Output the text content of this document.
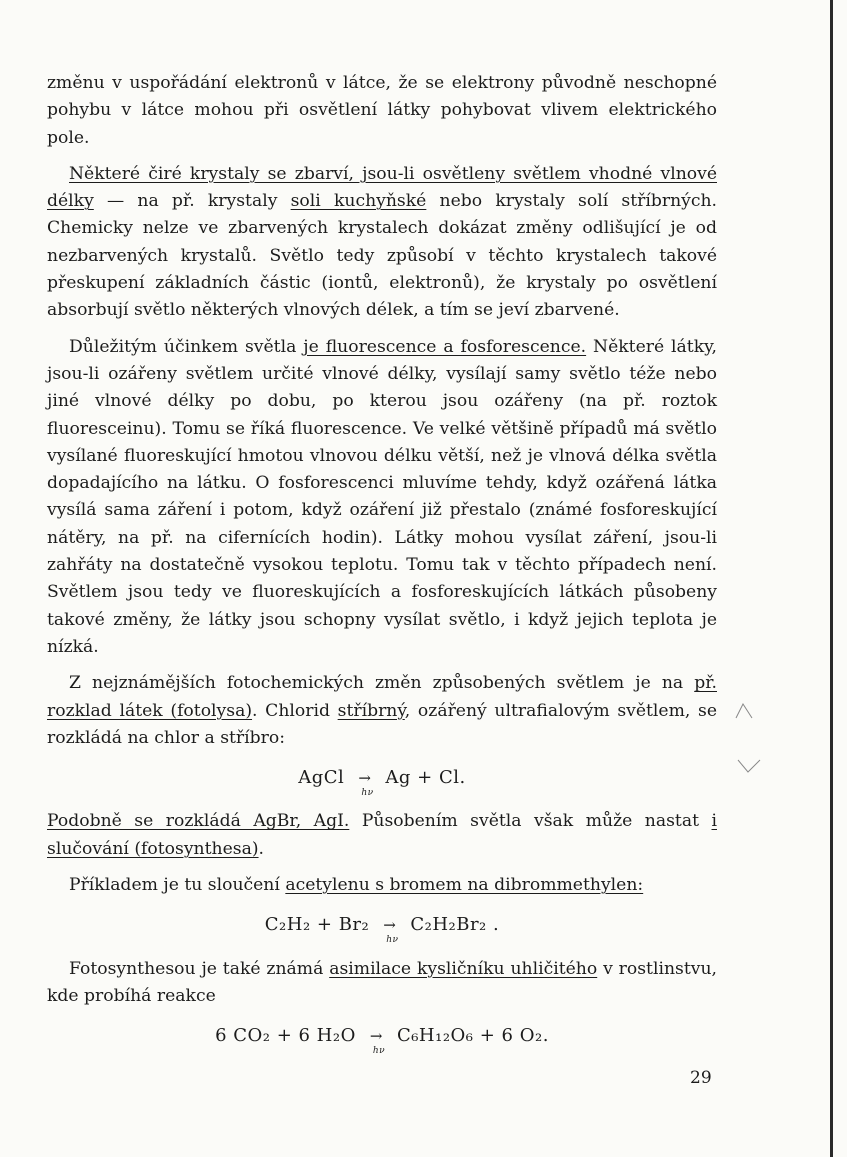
změnu v uspořádání elektronů v látce, že se elektrony původně neschopné pohybu v látce mohou při osvětlení látky pohybovat vlivem elektrického pole.

Některé čiré krystaly se zbarví, jsou-li osvětleny světlem vhodné vlnové délky — na př. krystaly soli kuchyňské nebo krystaly solí stříbrných. Chemicky nelze ve zbarvených krystalech dokázat změny odlišující je od nezbarvených krystalů. Světlo tedy způsobí v těchto krystalech takové přeskupení základních částic (iontů, elektronů), že krystaly po osvětlení absorbují světlo některých vlnových délek, a tím se jeví zbarvené.

Důležitým účinkem světla je fluorescence a fosforescence. Některé látky, jsou-li ozářeny světlem určité vlnové délky, vysílají samy světlo téže nebo jiné vlnové délky po dobu, po kterou jsou ozářeny (na př. roztok fluoresceinu). Tomu se říká fluorescence. Ve velké většině případů má světlo vysílané fluoreskující hmotou vlnovou délku větší, než je vlnová délka světla dopadajícího na látku. O fosforescenci mluvíme tehdy, když ozářená látka vysílá sama záření i potom, když ozáření již přestalo (známé fosforeskující nátěry, na př. na cifernících hodin). Látky mohou vysílat záření, jsou-li zahřáty na dostatečně vysokou teplotu. Tomu tak v těchto případech není. Světlem jsou tedy ve fluoreskujících a fosforeskujících látkách působeny takové změny, že látky jsou schopny vysílat světlo, i když jejich teplota je nízká.

Z nejznámějších fotochemických změn způsobených světlem je na př. rozklad látek (fotolysa). Chlorid stříbrný, ozářený ultrafialovým světlem, se rozkládá na chlor a stříbro:

AgCl →
hν
Ag + Cl.

Podobně se rozkládá AgBr, AgI. Působením světla však může nastat i slučování (fotosynthesa).

Příkladem je tu sloučení acetylenu s bromem na dibrommethylen:

C₂H₂ + Br₂ →
hν
C₂H₂Br₂ .

Fotosynthesou je také známá asimilace kysličníku uhličitého v rostlinstvu, kde probíhá reakce

6 CO₂ + 6 H₂O →
hν
C₆H₁₂O₆ + 6 O₂.
29
